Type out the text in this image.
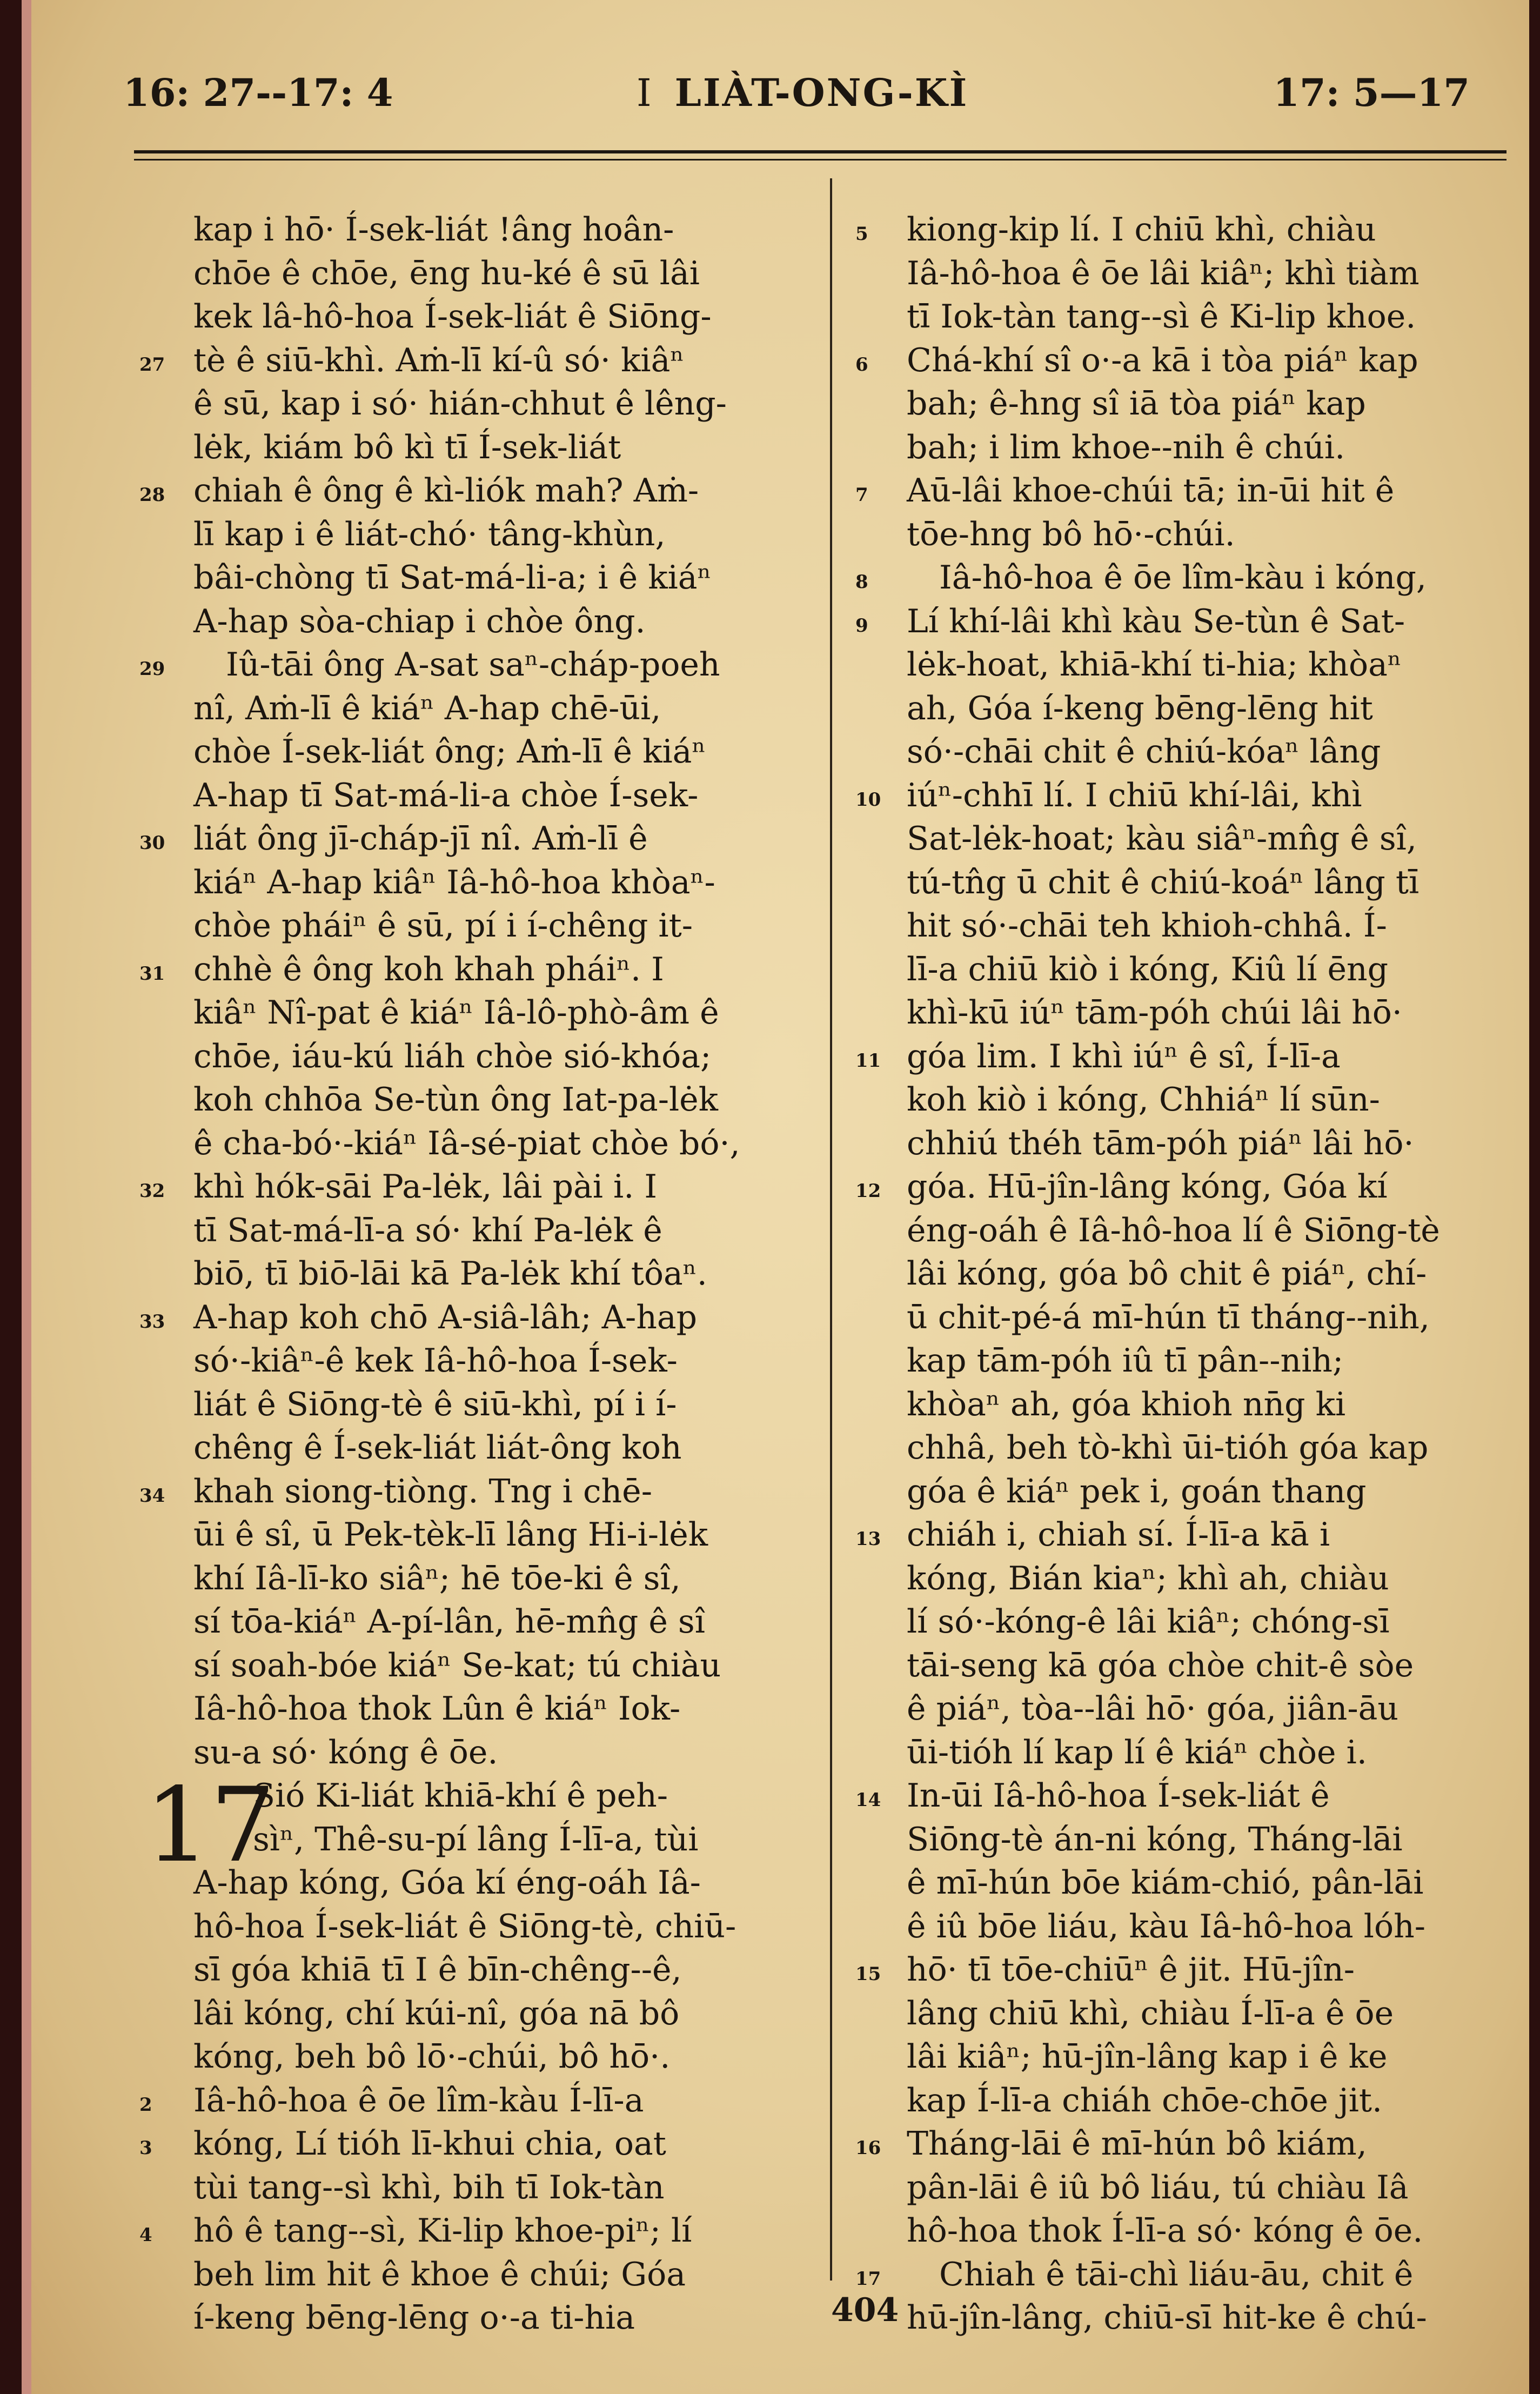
16: 27--17: 4	I LIÀT-ONG-KÌ	17: 5—17
kap i hō· Í-sek-liát !âng hoân-
chōe ê chōe, ēng hu-ké ê sū lâi
kek lâ-hô-hoa Í-sek-liát ê Siōng-
27 tè ê siū-khì. Aṁ-lī kí-û só· kiâⁿ
ê sū, kap i só· hián-chhut ê lêng-
lėk, kiám bô kì tī Í-sek-liát
28 chiah ê ông ê kì-liók mah? Aṁ-
lī kap i ê liát-chó· tâng-khùn,
bâi-chòng tī Sat-má-li-a; i ê kiáⁿ
A-hap sòa-chiap i chòe ông.
29 Iû-tāi ông A-sat saⁿ-cháp-poeh
nî, Aṁ-lī ê kiáⁿ A-hap chē-ūi,
chòe Í-sek-liát ông; Aṁ-lī ê kiáⁿ
A-hap tī Sat-má-li-a chòe Í-sek-
30 liát ông jī-cháp-jī nî. Aṁ-lī ê
kiáⁿ A-hap kiâⁿ Iâ-hô-hoa khòaⁿ-
chòe pháiⁿ ê sū, pí i í-chêng it-
31 chhè ê ông koh khah pháiⁿ. I
kiâⁿ Nî-pat ê kiáⁿ Iâ-lô-phò-âm ê
chōe, iáu-kú liáh chòe sió-khóa;
koh chhōa Se-tùn ông Iat-pa-lėk
ê cha-bó·-kiáⁿ Iâ-sé-piat chòe bó·,
32 khì hók-sāi Pa-lėk, lâi pài i. I
tī Sat-má-lī-a só· khí Pa-lėk ê
biō, tī biō-lāi kā Pa-lėk khí tôaⁿ.
33 A-hap koh chō A-siâ-lâh; A-hap
só·-kiâⁿ-ê kek Iâ-hô-hoa Í-sek-
liát ê Siōng-tè ê siū-khì, pí i í-
chêng ê Í-sek-liát liát-ông koh
34 khah siong-tiòng. Tng i chē-
ūi ê sî, ū Pek-tèk-lī lâng Hi-i-lėk
khí Iâ-lī-ko siâⁿ; hē tōe-ki ê sî,
sí tōa-kiáⁿ A-pí-lân, hē-mn̂g ê sî
sí soah-bóe kiáⁿ Se-kat; tú chiàu
Iâ-hô-hoa thok Lûn ê kiáⁿ Iok-
su-a só· kóng ê ōe.
17
Sió Ki-liát khiā-khí ê peh-
sìⁿ, Thê-su-pí lâng Í-lī-a, tùi
A-hap kóng, Góa kí éng-oáh Iâ-
hô-hoa Í-sek-liát ê Siōng-tè, chiū-
sī góa khiā tī I ê bīn-chêng--ê,
lâi kóng, chí kúi-nî, góa nā bô
kóng, beh bô lō·-chúi, bô hō·.
2 Iâ-hô-hoa ê ōe lîm-kàu Í-lī-a
3 kóng, Lí tióh lī-khui chia, oat
tùi tang--sì khì, bih tī Iok-tàn
4 hô ê tang--sì, Ki-lip khoe-piⁿ; lí
beh lim hit ê khoe ê chúi; Góa
í-keng bēng-lēng o·-a ti-hia
5 kiong-kip lí. I chiū khì, chiàu
Iâ-hô-hoa ê ōe lâi kiâⁿ; khì tiàm
tī Iok-tàn tang--sì ê Ki-lip khoe.
6 Chá-khí sî o·-a kā i tòa piáⁿ kap
bah; ê-hng sî iā tòa piáⁿ kap
bah; i lim khoe--nih ê chúi.
7 Aū-lâi khoe-chúi tā; in-ūi hit ê
tōe-hng bô hō·-chúi.
8 Iâ-hô-hoa ê ōe lîm-kàu i kóng,
9 Lí khí-lâi khì kàu Se-tùn ê Sat-
lėk-hoat, khiā-khí ti-hia; khòaⁿ
ah, Góa í-keng bēng-lēng hit
só·-chāi chit ê chiú-kóaⁿ lâng
10 iúⁿ-chhī lí. I chiū khí-lâi, khì
Sat-lėk-hoat; kàu siâⁿ-mn̂g ê sî,
tú-tn̂g ū chit ê chiú-koáⁿ lâng tī
hit só·-chāi teh khioh-chhâ. Í-
lī-a chiū kiò i kóng, Kiû lí ēng
khì-kū iúⁿ tām-póh chúi lâi hō·
11 góa lim. I khì iúⁿ ê sî, Í-lī-a
koh kiò i kóng, Chhiáⁿ lí sūn-
chhiú théh tām-póh piáⁿ lâi hō·
12 góa. Hū-jîn-lâng kóng, Góa kí
éng-oáh ê Iâ-hô-hoa lí ê Siōng-tè
lâi kóng, góa bô chit ê piáⁿ, chí-
ū chit-pé-á mī-hún tī tháng--nih,
kap tām-póh iû tī pân--nih;
khòaⁿ ah, góa khioh nn̄g ki
chhâ, beh tò-khì ūi-tióh góa kap
góa ê kiáⁿ pek i, goán thang
13 chiáh i, chiah sí. Í-lī-a kā i
kóng, Bián kiaⁿ; khì ah, chiàu
lí só·-kóng-ê lâi kiâⁿ; chóng-sī
tāi-seng kā góa chòe chit-ê sòe
ê piáⁿ, tòa--lâi hō· góa, jiân-āu
ūi-tióh lí kap lí ê kiáⁿ chòe i.
14 In-ūi Iâ-hô-hoa Í-sek-liát ê
Siōng-tè án-ni kóng, Tháng-lāi
ê mī-hún bōe kiám-chió, pân-lāi
ê iû bōe liáu, kàu Iâ-hô-hoa lóh-
15 hō· tī tōe-chiūⁿ ê jit. Hū-jîn-
lâng chiū khì, chiàu Í-lī-a ê ōe
lâi kiâⁿ; hū-jîn-lâng kap i ê ke
kap Í-lī-a chiáh chōe-chōe jit.
16 Tháng-lāi ê mī-hún bô kiám,
pân-lāi ê iû bô liáu, tú chiàu Iâ
hô-hoa thok Í-lī-a só· kóng ê ōe.
17 Chiah ê tāi-chì liáu-āu, chit ê
hū-jîn-lâng, chiū-sī hit-ke ê chú-
404
